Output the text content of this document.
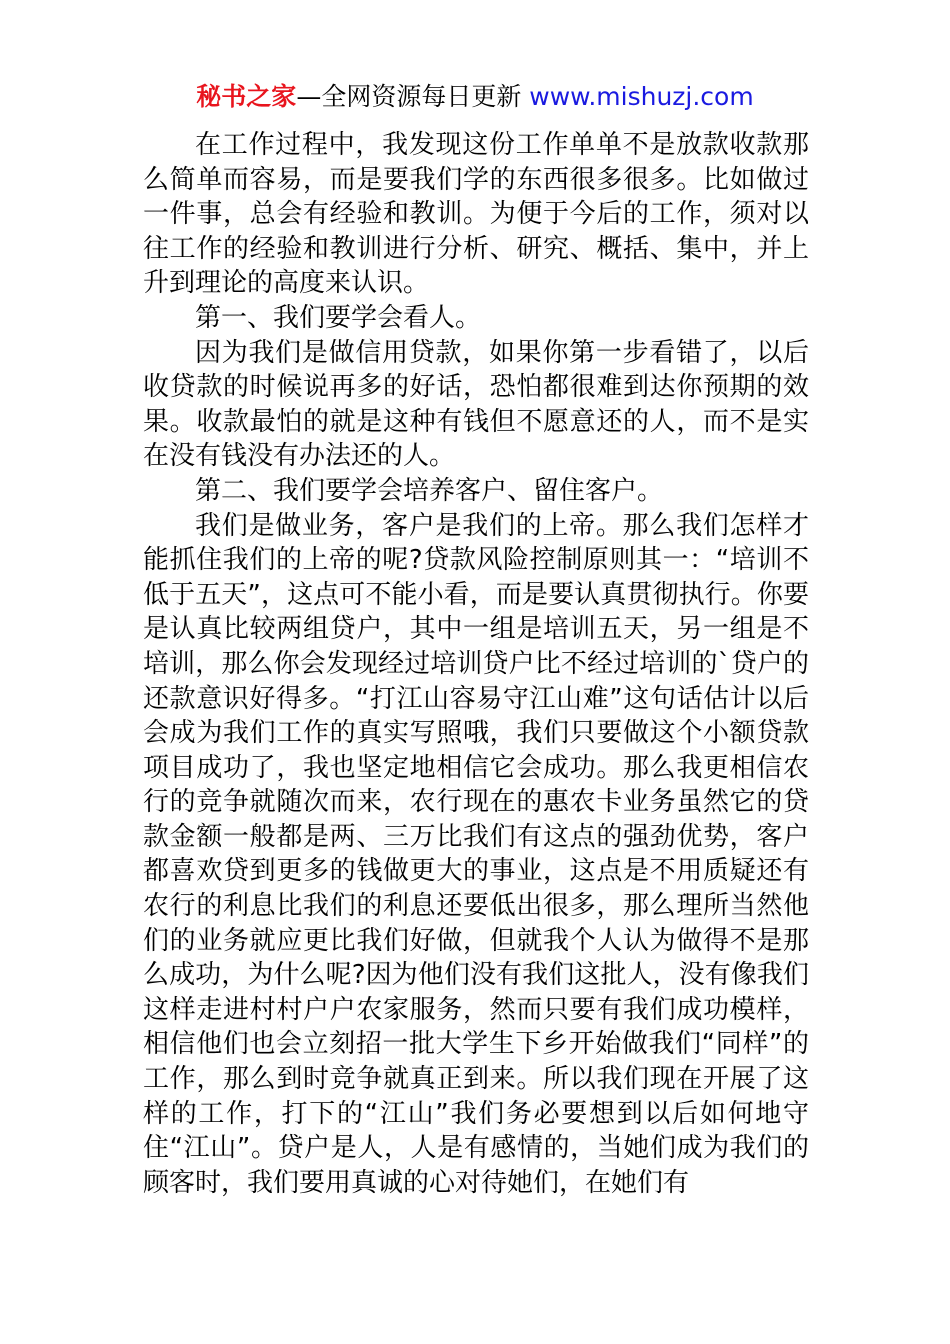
秘书之家—全网资源每日更新 www.mishuzj.com

在工作过程中，我发现这份工作单单不是放款收款那么简单而容易，而是要我们学的东西很多很多。比如做过一件事，总会有经验和教训。为便于今后的工作，须对以往工作的经验和教训进行分析、研究、概括、集中，并上升到理论的高度来认识。

第一、我们要学会看人。

因为我们是做信用贷款，如果你第一步看错了，以后收贷款的时候说再多的好话，恐怕都很难到达你预期的效果。收款最怕的就是这种有钱但不愿意还的人，而不是实在没有钱没有办法还的人。

第二、我们要学会培养客户、留住客户。

我们是做业务，客户是我们的上帝。那么我们怎样才能抓住我们的上帝的呢?贷款风险控制原则其一：“培训不低于五天”，这点可不能小看，而是要认真贯彻执行。你要是认真比较两组贷户，其中一组是培训五天，另一组是不培训，那么你会发现经过培训贷户比不经过培训的`贷户的还款意识好得多。“打江山容易守江山难”这句话估计以后会成为我们工作的真实写照哦，我们只要做这个小额贷款项目成功了，我也坚定地相信它会成功。那么我更相信农行的竞争就随次而来，农行现在的惠农卡业务虽然它的贷款金额一般都是两、三万比我们有这点的强劲优势，客户都喜欢贷到更多的钱做更大的事业，这点是不用质疑还有农行的利息比我们的利息还要低出很多，那么理所当然他们的业务就应更比我们好做，但就我个人认为做得不是那么成功，为什么呢?因为他们没有我们这批人，没有像我们这样走进村村户户农家服务，然而只要有我们成功模样，相信他们也会立刻招一批大学生下乡开始做我们“同样”的工作，那么到时竞争就真正到来。所以我们现在开展了这样的工作，打下的“江山”我们务必要想到以后如何地守住“江山”。贷户是人，人是有感情的，当她们成为我们的顾客时，我们要用真诚的心对待她们，在她们有
